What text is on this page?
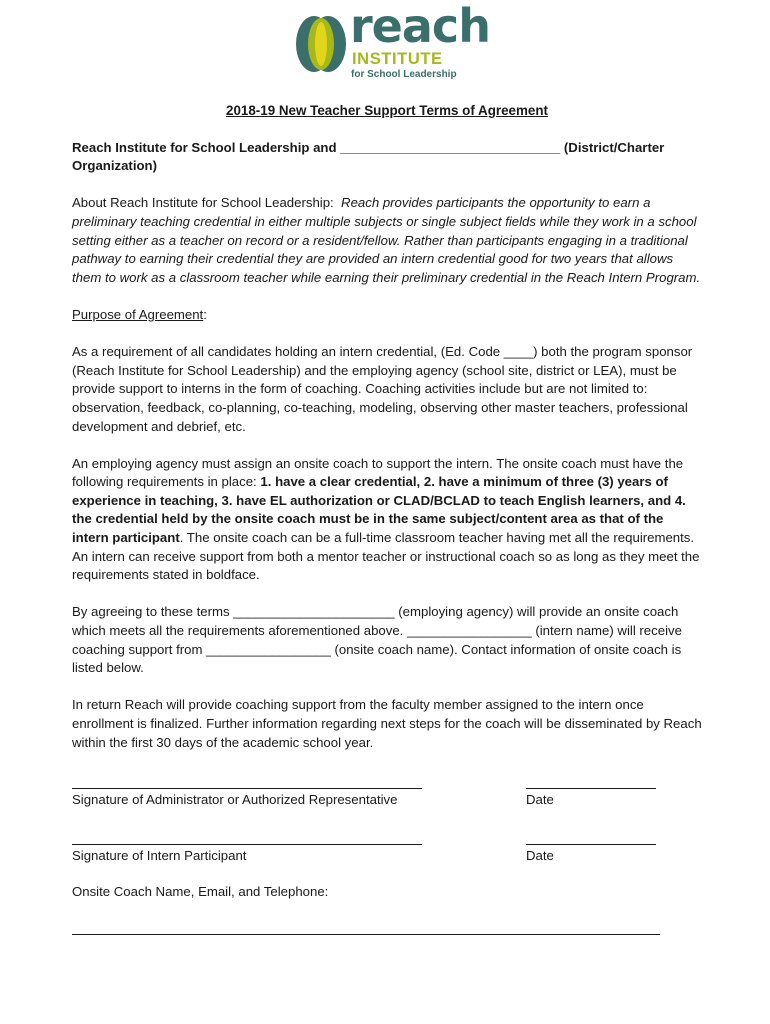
reach
INSTITUTE
for School Leadership
2018-19 New Teacher Support Terms of Agreement

Reach Institute for School Leadership and ______________________________ (District/Charter
Organization)

About Reach Institute for School Leadership: Reach provides participants the opportunity to earn a preliminary teaching credential in either multiple subjects or single subject fields while they work in a school setting either as a teacher on record or a resident/fellow. Rather than participants engaging in a traditional pathway to earning their credential they are provided an intern credential good for two years that allows them to work as a classroom teacher while earning their preliminary credential in the Reach Intern Program.

Purpose of Agreement:

As a requirement of all candidates holding an intern credential, (Ed. Code ____) both the program sponsor (Reach Institute for School Leadership) and the employing agency (school site, district or LEA), must be provide support to interns in the form of coaching. Coaching activities include but are not limited to: observation, feedback, co-planning, co-teaching, modeling, observing other master teachers, professional development and debrief, etc.

An employing agency must assign an onsite coach to support the intern. The onsite coach must have the following requirements in place: 1. have a clear credential, 2. have a minimum of three (3) years of experience in teaching, 3. have EL authorization or CLAD/BCLAD to teach English learners, and 4. the credential held by the onsite coach must be in the same subject/content area as that of the intern participant. The onsite coach can be a full-time classroom teacher having met all the requirements. An intern can receive support from both a mentor teacher or instructional coach so as long as they meet the requirements stated in boldface.

By agreeing to these terms ______________________ (employing agency) will provide an onsite coach which meets all the requirements aforementioned above. _________________ (intern name) will receive coaching support from _________________ (onsite coach name). Contact information of onsite coach is listed below.

In return Reach will provide coaching support from the faculty member assigned to the intern once enrollment is finalized. Further information regarding next steps for the coach will be disseminated by Reach within the first 30 days of the academic school year.

Signature of Administrator or Authorized Representative	Date
Signature of Intern Participant	Date
Onsite Coach Name, Email, and Telephone:
